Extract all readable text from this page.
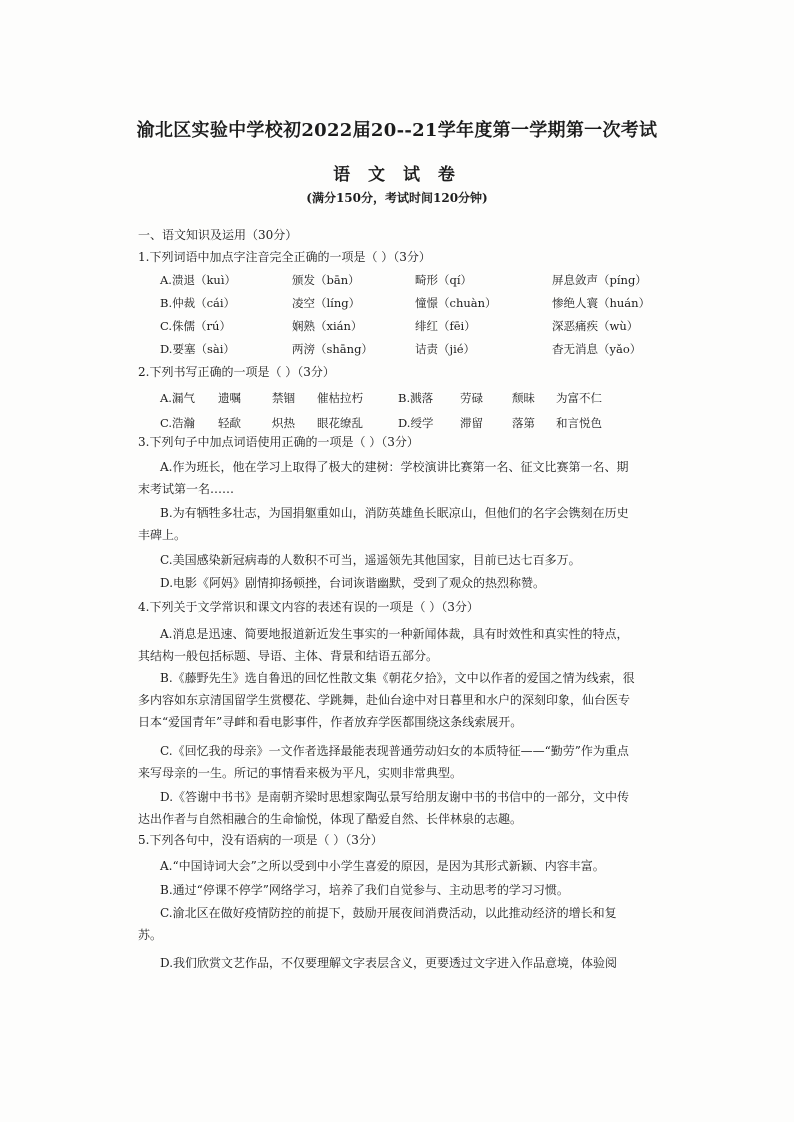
渝北区实验中学校初2022届20--21学年度第一学期第一次考试
语 文 试 卷
(满分150分，考试时间120分钟)
一、语文知识及运用（30分）
1.下列词语中加点字注音完全正确的一项是（ ）（3分）
A.溃退（kuì）	颁发（bān）	畸形（qí）	屏息敛声（píng）
B.仲裁（cái）	凌空（líng）	憧憬（chuàn）	惨绝人寰（huán）
C.侏儒（rú）	娴熟（xián）	绯红（fēi）	深恶痛疾（wù）
D.要塞（sài）	两滂（shāng）	诘责（jié）	杳无消息（yǎo）
2.下列书写正确的一项是（ ）（3分）
A.漏气 遗嘱	禁锢 催枯拉朽	B.溅落 劳碌	颓昧 为富不仁
C.浩瀚 轻歃	炽热 眼花缭乱	D.绶学 滞留	落第 和言悦色
3.下列句子中加点词语使用正确的一项是（ ）（3分）
A.作为班长，他在学习上取得了极大的建树：学校演讲比赛第一名、征文比赛第一名、期末考试第一名……
B.为有牺牲多壮志，为国捐躯重如山，消防英雄鱼长眠凉山，但他们的名字会镌刻在历史丰碑上。
C.美国感染新冠病毒的人数积不可当，遥遥领先其他国家，目前已达七百多万。
D.电影《阿妈》剧情抑扬顿挫，台词诙谐幽默，受到了观众的热烈称赞。
4.下列关于文学常识和课文内容的表述有误的一项是（ ）（3分）
A.消息是迅速、简要地报道新近发生事实的一种新闻体裁，具有时效性和真实性的特点，其结构一般包括标题、导语、主体、背景和结语五部分。
B.《藤野先生》选自鲁迅的回忆性散文集《朝花夕拾》，文中以作者的爱国之情为线索，很多内容如东京清国留学生赏樱花、学跳舞，赴仙台途中对日暮里和水户的深刻印象，仙台医专日本“爱国青年”寻衅和看电影事件，作者放弃学医都围绕这条线索展开。
C.《回忆我的母亲》一文作者选择最能表现普通劳动妇女的本质特征——“勤劳”作为重点来写母亲的一生。所记的事情看来极为平凡，实则非常典型。
D.《答谢中书书》是南朝齐梁时思想家陶弘景写给朋友谢中书的书信中的一部分，文中传达出作者与自然相融合的生命愉悦，体现了酷爱自然、长伴林泉的志趣。
5.下列各句中，没有语病的一项是（ ）（3分）
A.“中国诗词大会”之所以受到中小学生喜爱的原因，是因为其形式新颖、内容丰富。
B.通过“停课不停学”网络学习，培养了我们自觉参与、主动思考的学习习惯。
C.渝北区在做好疫情防控的前提下，鼓励开展夜间消费活动，以此推动经济的增长和复苏。
D.我们欣赏文艺作品，不仅要理解文字表层含义，更要透过文字进入作品意境，体验阅
